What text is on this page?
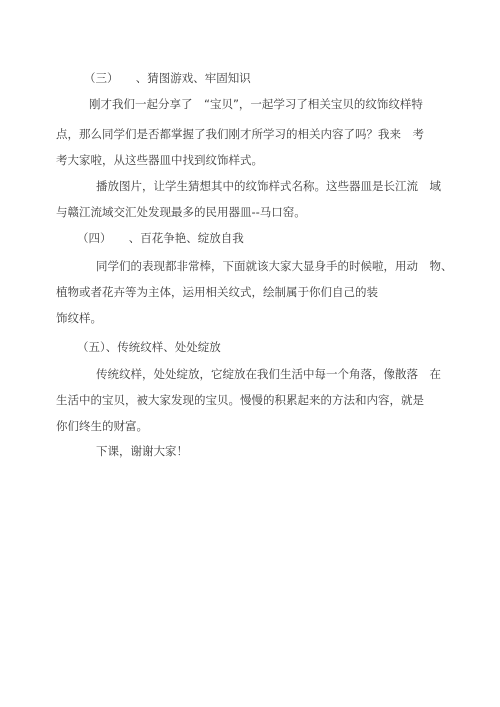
（三）　　、猜图游戏、牢固知识
刚才我们一起分享了　“宝贝”，一起学习了相关宝贝的纹饰纹样特
点，那么同学们是否都掌握了我们刚才所学习的相关内容了吗？我来　考
考大家啦，从这些器皿中找到纹饰样式。
播放图片，让学生猜想其中的纹饰样式名称。这些器皿是长江流　域
与赣江流域交汇处发现最多的民用器皿--马口窑。
（四）　　、百花争艳、绽放自我
同学们的表现都非常棒，下面就该大家大显身手的时候啦，用动　物、
植物或者花卉等为主体，运用相关纹式，绘制属于你们自己的装
饰纹样。
（五）、传统纹样、处处绽放
传统纹样，处处绽放，它绽放在我们生活中每一个角落，像散落　在
生活中的宝贝，被大家发现的宝贝。慢慢的积累起来的方法和内容，就是
你们终生的财富。
下课，谢谢大家！
